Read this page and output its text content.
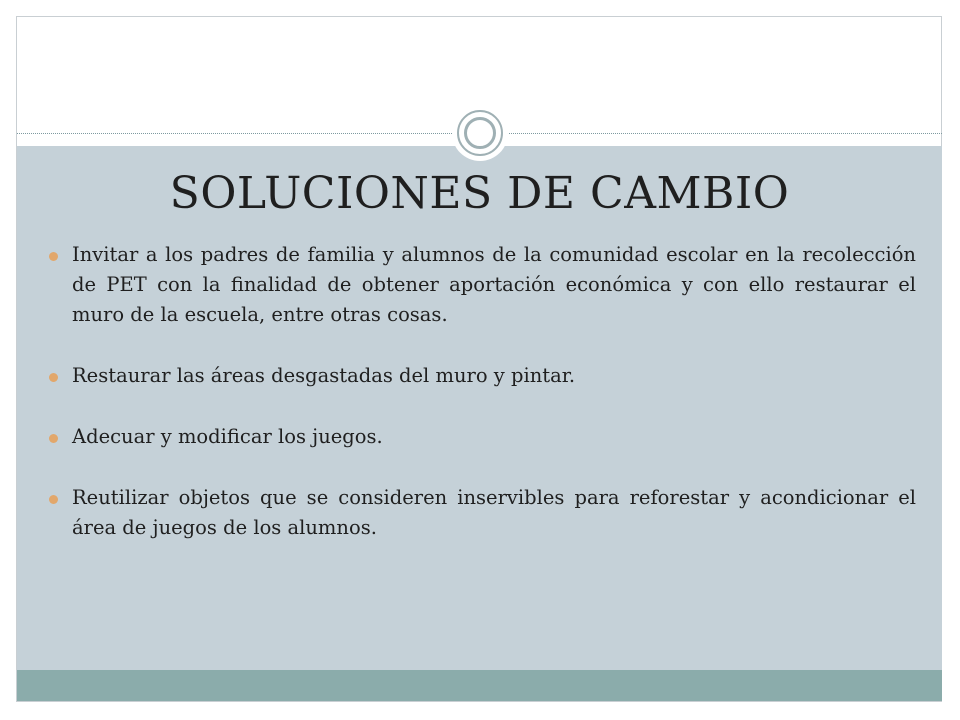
SOLUCIONES DE CAMBIO
Invitar a los padres de familia y alumnos de la comunidad escolar en la recolección de PET con la finalidad de obtener aportación económica y con ello restaurar el muro de la escuela, entre otras cosas.
Restaurar las áreas desgastadas del muro y pintar.
Adecuar y modificar los juegos.
Reutilizar objetos que se consideren inservibles para reforestar y acondicionar el área de juegos de los alumnos.
